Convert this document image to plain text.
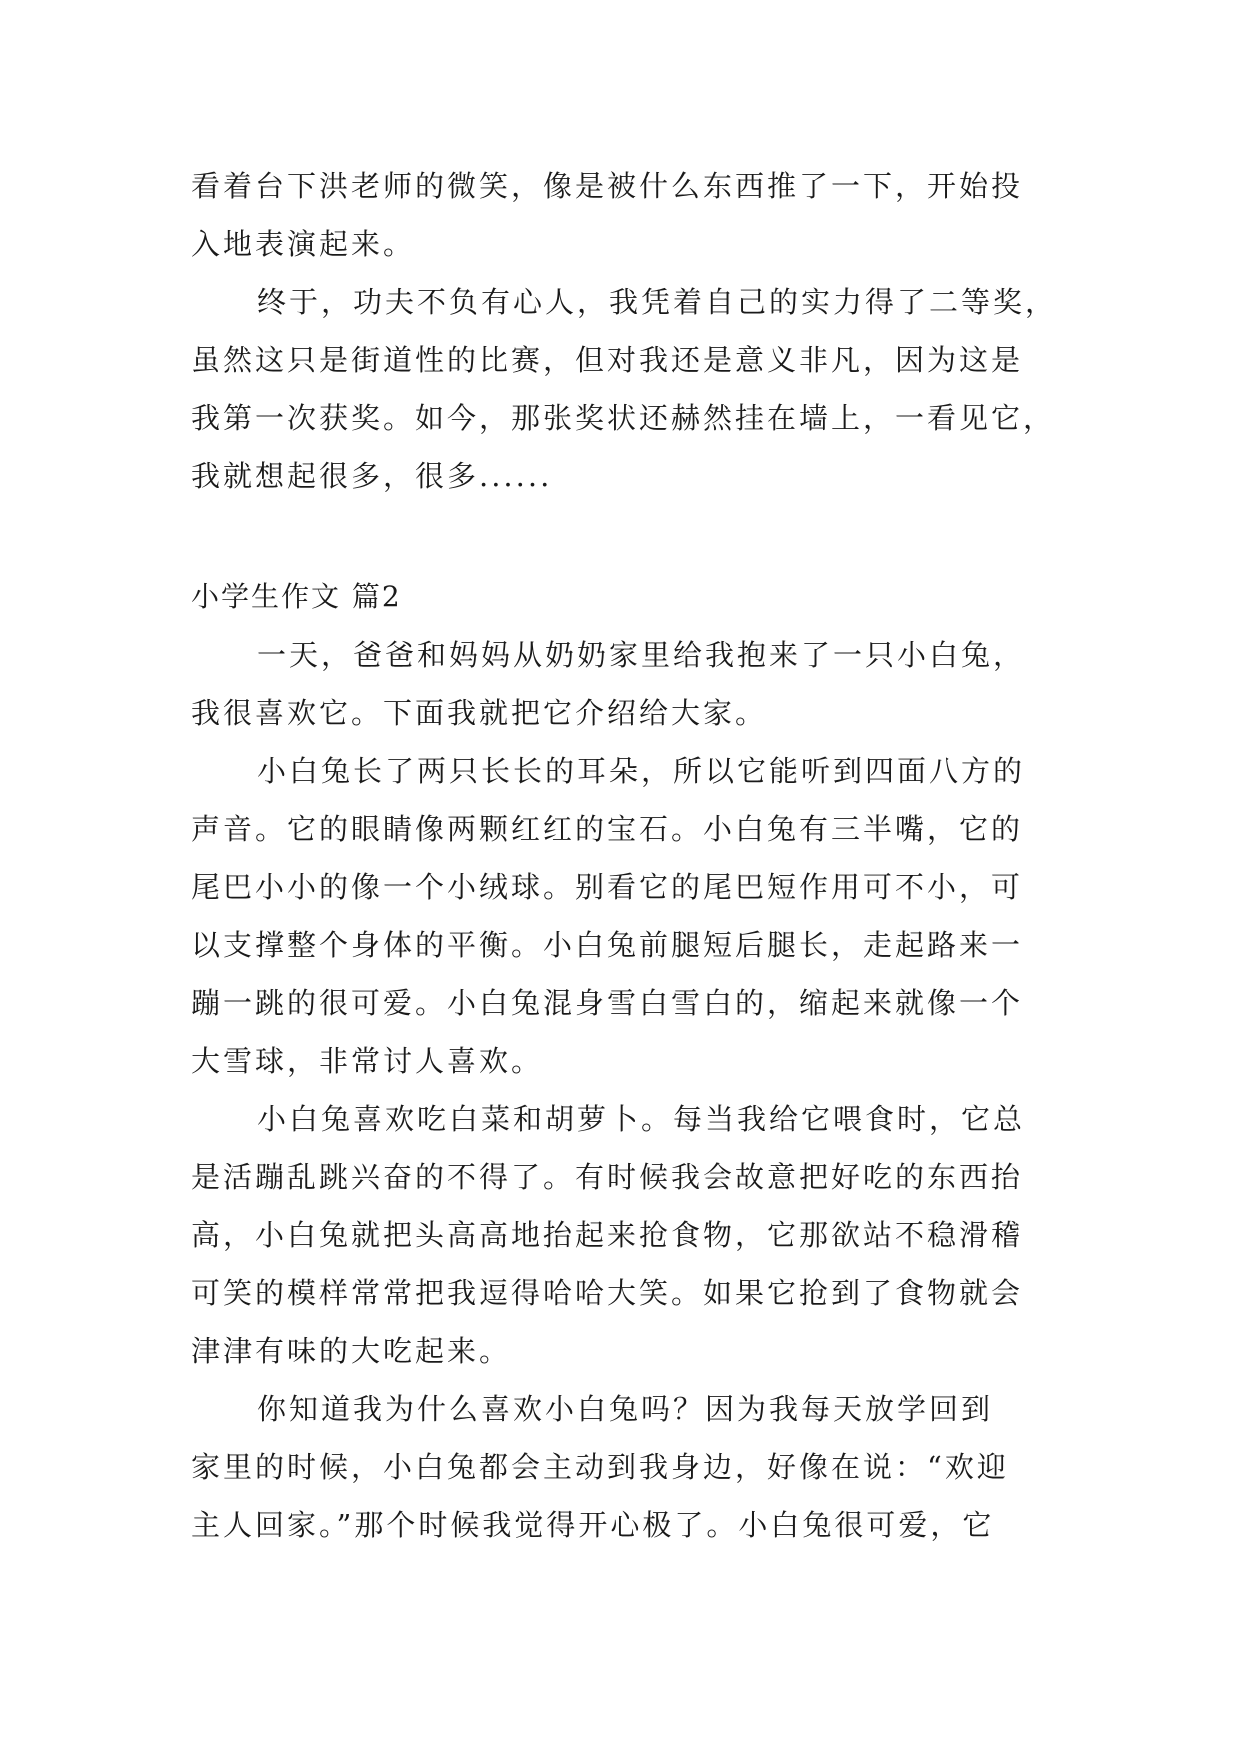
看着台下洪老师的微笑，像是被什么东西推了一下，开始投
入地表演起来。
终于，功夫不负有心人，我凭着自己的实力得了二等奖，
虽然这只是街道性的比赛，但对我还是意义非凡，因为这是
我第一次获奖。如今，那张奖状还赫然挂在墙上，一看见它，
我就想起很多，很多......
小学生作文 篇2
一天，爸爸和妈妈从奶奶家里给我抱来了一只小白兔，
我很喜欢它。下面我就把它介绍给大家。
小白兔长了两只长长的耳朵，所以它能听到四面八方的
声音。它的眼睛像两颗红红的宝石。小白兔有三半嘴，它的
尾巴小小的像一个小绒球。别看它的尾巴短作用可不小，可
以支撑整个身体的平衡。小白兔前腿短后腿长，走起路来一
蹦一跳的很可爱。小白兔混身雪白雪白的，缩起来就像一个
大雪球，非常讨人喜欢。
小白兔喜欢吃白菜和胡萝卜。每当我给它喂食时，它总
是活蹦乱跳兴奋的不得了。有时候我会故意把好吃的东西抬
高，小白兔就把头高高地抬起来抢食物，它那欲站不稳滑稽
可笑的模样常常把我逗得哈哈大笑。如果它抢到了食物就会
津津有味的大吃起来。
你知道我为什么喜欢小白兔吗？因为我每天放学回到
家里的时候，小白兔都会主动到我身边，好像在说：“欢迎
主人回家。”那个时候我觉得开心极了。小白兔很可爱，它
